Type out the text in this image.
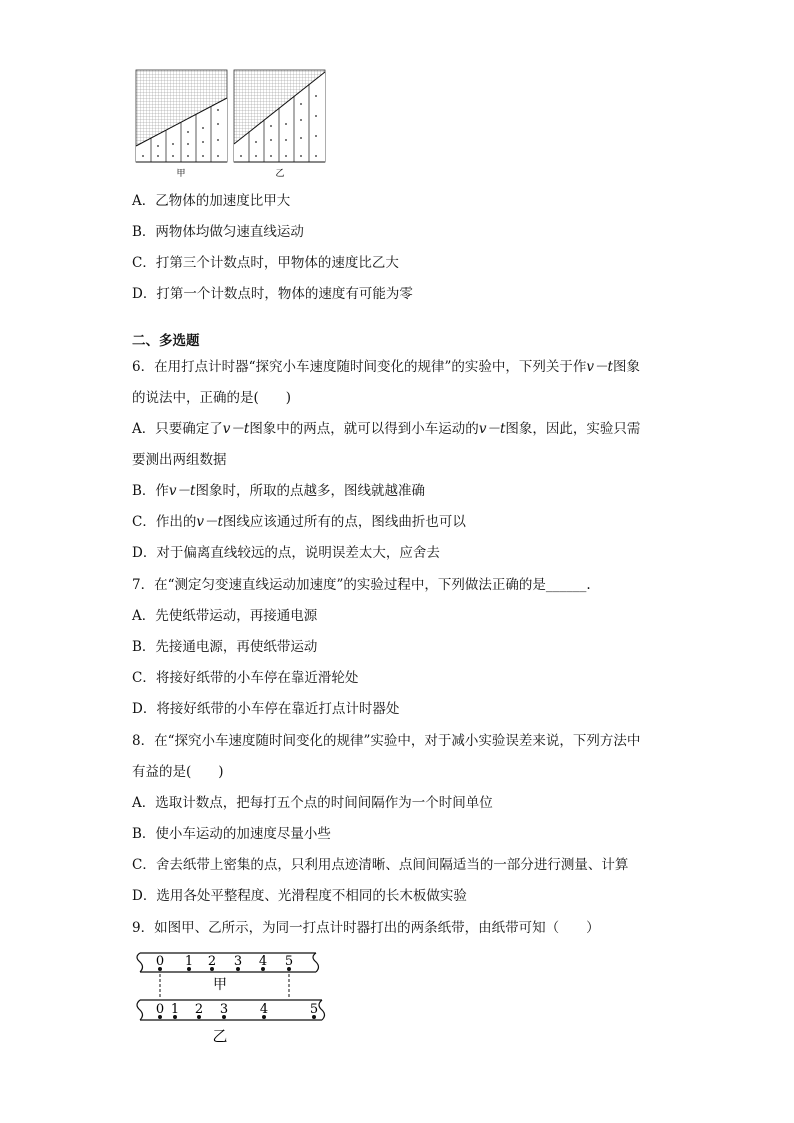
甲	乙
A．乙物体的加速度比甲大
B．两物体均做匀速直线运动
C．打第三个计数点时，甲物体的速度比乙大
D．打第一个计数点时，物体的速度有可能为零
二、多选题
6．在用打点计时器“探究小车速度随时间变化的规律”的实验中，下列关于作v－t图象
的说法中，正确的是(　　)
A．只要确定了v－t图象中的两点，就可以得到小车运动的v－t图象，因此，实验只需
要测出两组数据
B．作v－t图象时，所取的点越多，图线就越准确
C．作出的v－t图线应该通过所有的点，图线曲折也可以
D．对于偏离直线较远的点，说明误差太大，应舍去
7．在“测定匀变速直线运动加速度”的实验过程中，下列做法正确的是______.
A．先使纸带运动，再接通电源
B．先接通电源，再使纸带运动
C．将接好纸带的小车停在靠近滑轮处
D．将接好纸带的小车停在靠近打点计时器处
8．在“探究小车速度随时间变化的规律”实验中，对于减小实验误差来说，下列方法中
有益的是(　　)
A．选取计数点，把每打五个点的时间间隔作为一个时间单位
B．使小车运动的加速度尽量小些
C．舍去纸带上密集的点，只利用点迹清晰、点间间隔适当的一部分进行测量、计算
D．选用各处平整程度、光滑程度不相同的长木板做实验
9．如图甲、乙所示，为同一打点计时器打出的两条纸带，由纸带可知（　　）
0 1 2 3 4 5
甲
0 1 2 3 4	5
乙
